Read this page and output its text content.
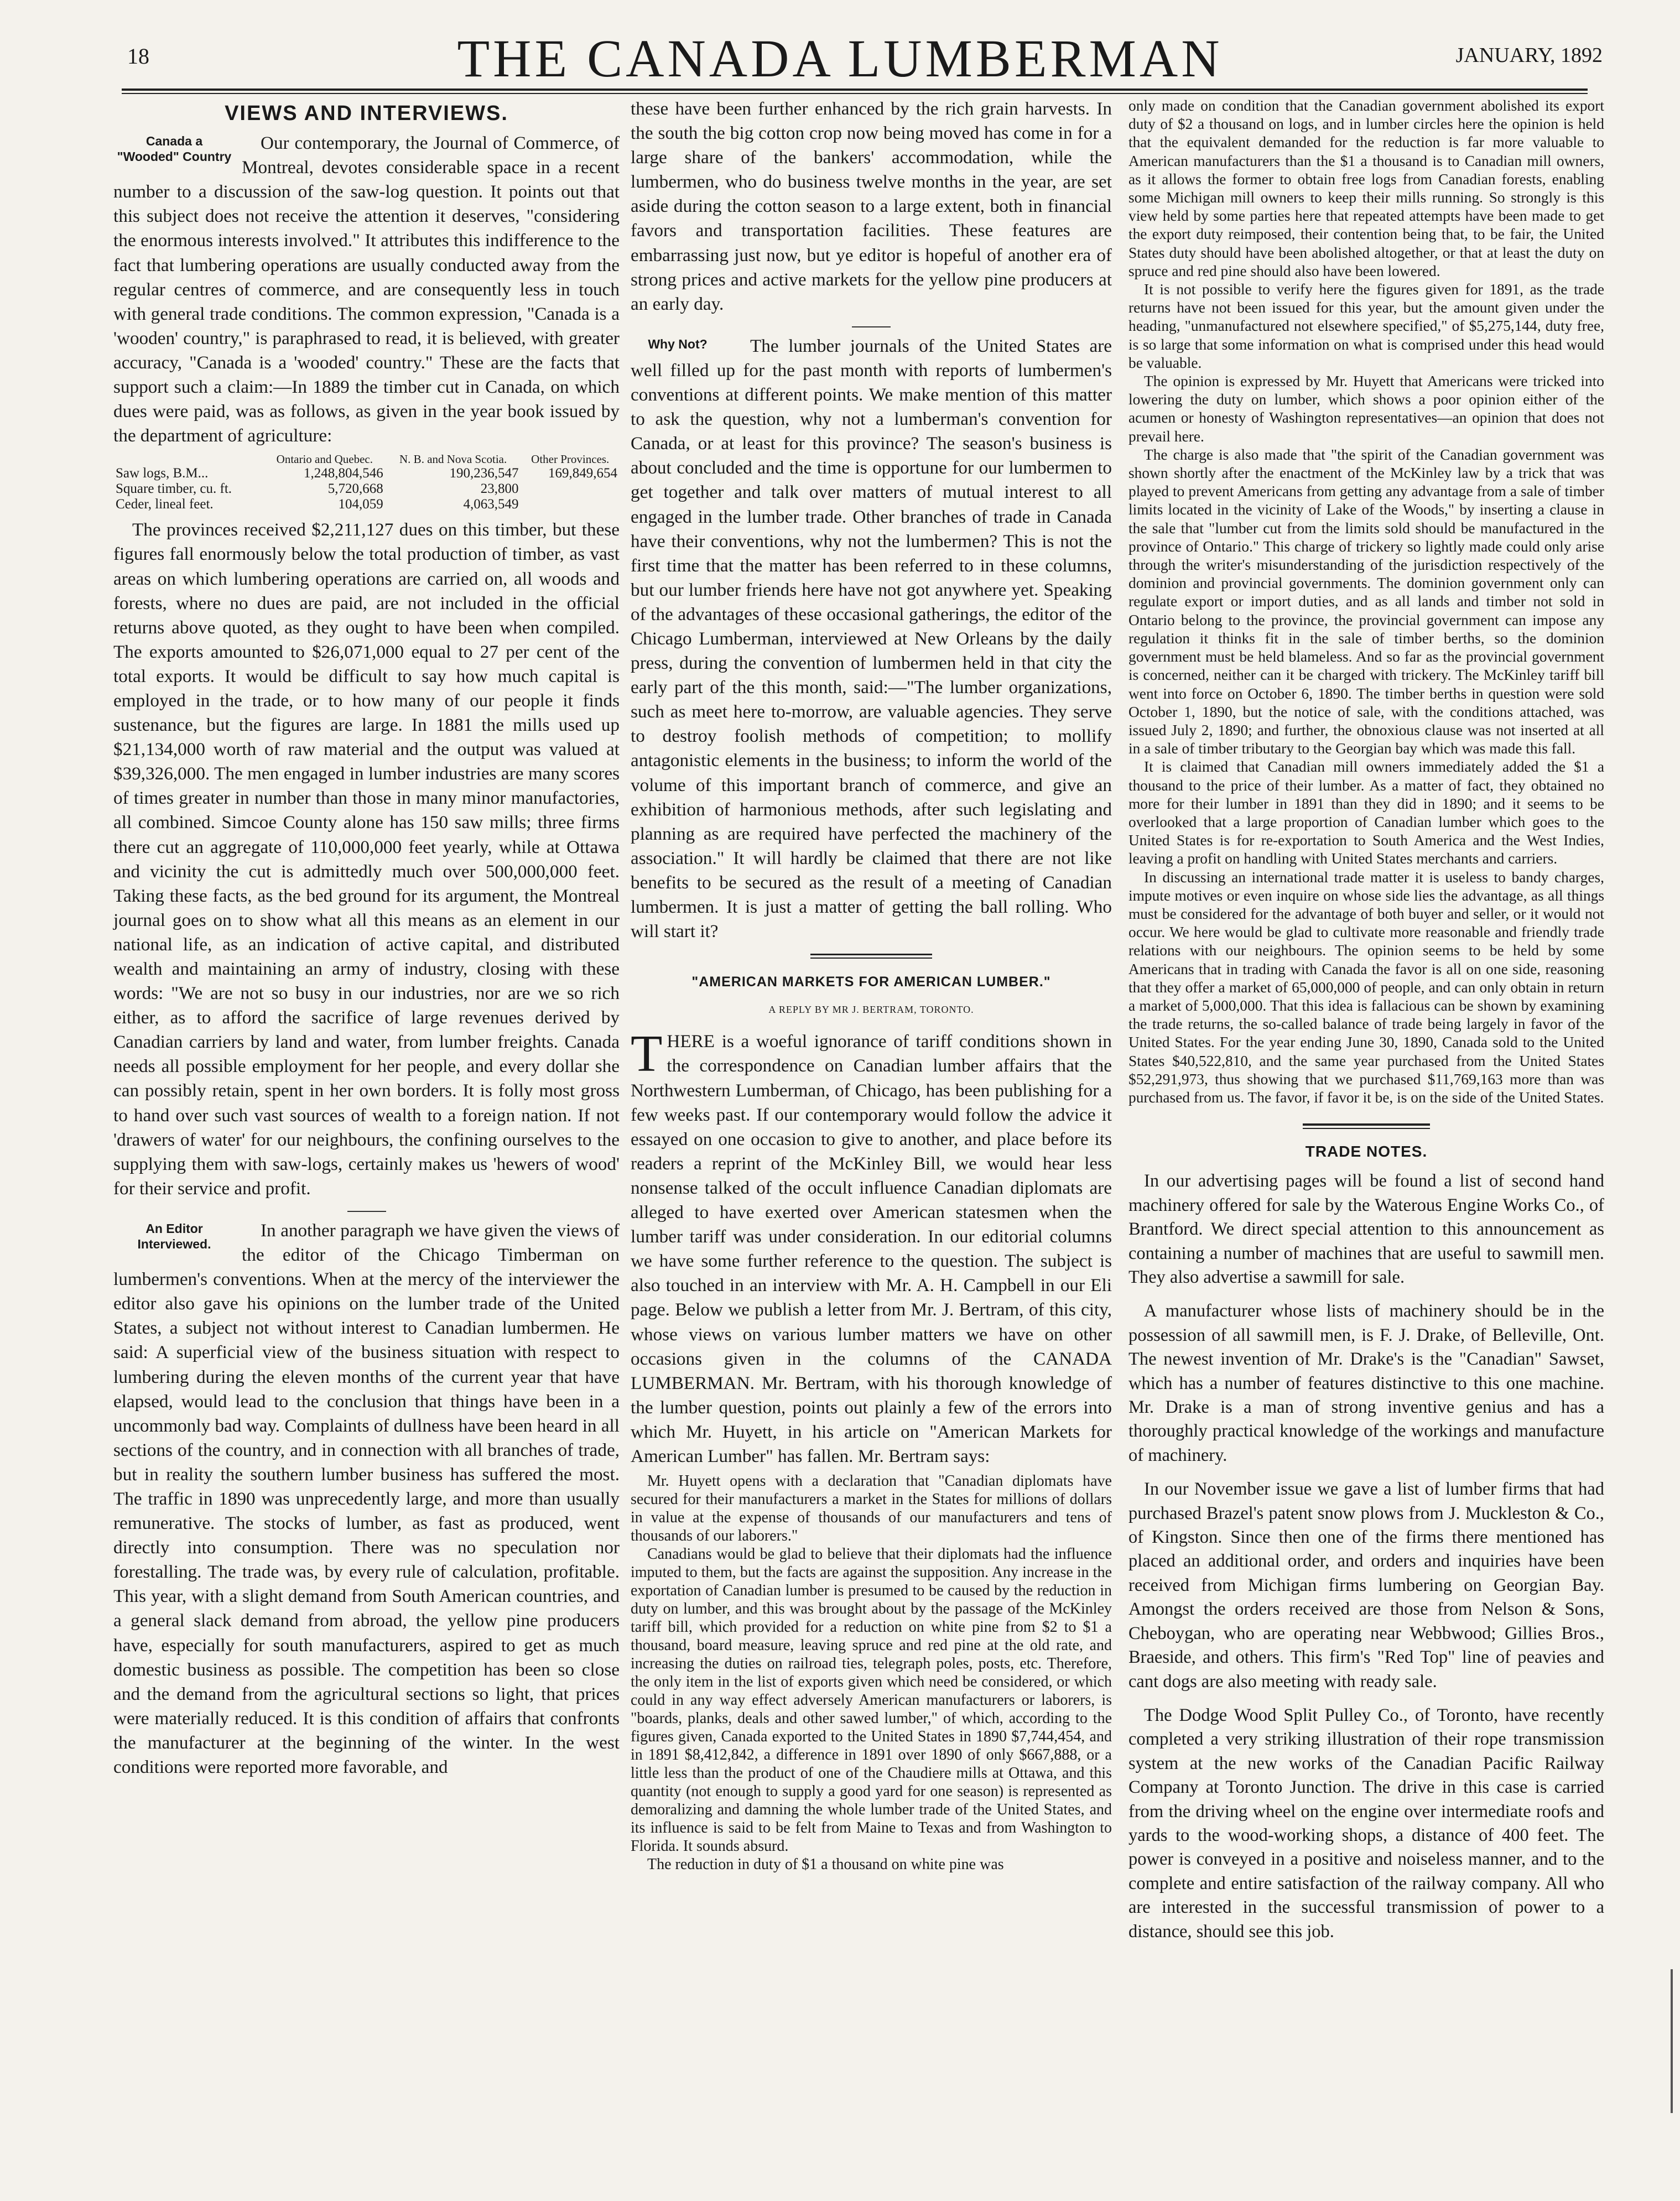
18	THE CANADA LUMBERMAN	JANUARY, 1892
VIEWS AND INTERVIEWS.
Canada a "Wooded" Country

Our contemporary, the Journal of Commerce, of Montreal, devotes considerable space in a recent number to a discussion of the saw-log question. It points out that this subject does not receive the attention it deserves, "considering the enormous interests involved." It attributes this indifference to the fact that lumbering operations are usually conducted away from the regular centres of commerce, and are consequently less in touch with general trade conditions. The common expression, "Canada is a 'wooden' country," is paraphrased to read, it is believed, with greater accuracy, "Canada is a 'wooded' country." These are the facts that support such a claim:—In 1889 the timber cut in Canada, on which dues were paid, was as follows, as given in the year book issued by the department of agriculture:

	Ontario and Quebec.	N. B. and Nova Scotia.	Other Provinces.
Saw logs, B.M...	1,248,804,546	190,236,547	169,849,654
Square timber, cu. ft.	5,720,668	23,800	
Ceder, lineal feet.	104,059	4,063,549	

The provinces received $2,211,127 dues on this timber, but these figures fall enormously below the total production of timber, as vast areas on which lumbering operations are carried on, all woods and forests, where no dues are paid, are not included in the official returns above quoted, as they ought to have been when compiled. The exports amounted to $26,071,000 equal to 27 per cent of the total exports. It would be difficult to say how much capital is employed in the trade, or to how many of our people it finds sustenance, but the figures are large. In 1881 the mills used up $21,134,000 worth of raw material and the output was valued at $39,326,000. The men engaged in lumber industries are many scores of times greater in number than those in many minor manufactories, all combined. Simcoe County alone has 150 saw mills; three firms there cut an aggregate of 110,000,000 feet yearly, while at Ottawa and vicinity the cut is admittedly much over 500,000,000 feet. Taking these facts, as the bed ground for its argument, the Montreal journal goes on to show what all this means as an element in our national life, as an indication of active capital, and distributed wealth and maintaining an army of industry, closing with these words: "We are not so busy in our industries, nor are we so rich either, as to afford the sacrifice of large revenues derived by Canadian carriers by land and water, from lumber freights. Canada needs all possible employment for her people, and every dollar she can possibly retain, spent in her own borders. It is folly most gross to hand over such vast sources of wealth to a foreign nation. If not 'drawers of water' for our neighbours, the confining ourselves to the supplying them with saw-logs, certainly makes us 'hewers of wood' for their service and profit.

An Editor Interviewed.

In another paragraph we have given the views of the editor of the Chicago Timberman on lumbermen's conventions. When at the mercy of the interviewer the editor also gave his opinions on the lumber trade of the United States, a subject not without interest to Canadian lumbermen. He said: A superficial view of the business situation with respect to lumbering during the eleven months of the current year that have elapsed, would lead to the conclusion that things have been in a uncommonly bad way. Complaints of dullness have been heard in all sections of the country, and in connection with all branches of trade, but in reality the southern lumber business has suffered the most. The traffic in 1890 was unprecedently large, and more than usually remunerative. The stocks of lumber, as fast as produced, went directly into consumption. There was no speculation nor forestalling. The trade was, by every rule of calculation, profitable. This year, with a slight demand from South American countries, and a general slack demand from abroad, the yellow pine producers have, especially for south manufacturers, aspired to get as much domestic business as possible. The competition has been so close and the demand from the agricultural sections so light, that prices were materially reduced. It is this condition of affairs that confronts the manufacturer at the beginning of the winter. In the west conditions were reported more favorable, and

these have been further enhanced by the rich grain harvests. In the south the big cotton crop now being moved has come in for a large share of the bankers' accommodation, while the lumbermen, who do business twelve months in the year, are set aside during the cotton season to a large extent, both in financial favors and transportation facilities. These features are embarrassing just now, but ye editor is hopeful of another era of strong prices and active markets for the yellow pine producers at an early day.

Why Not?	The lumber journals of the United States are well filled up for the past month with reports of lumbermen's conventions at different points. We make mention of this matter to ask the question, why not a lumberman's convention for Canada, or at least for this province? The season's business is about concluded and the time is opportune for our lumbermen to get together and talk over matters of mutual interest to all engaged in the lumber trade. Other branches of trade in Canada have their conventions, why not the lumbermen? This is not the first time that the matter has been referred to in these columns, but our lumber friends here have not got anywhere yet. Speaking of the advantages of these occasional gatherings, the editor of the Chicago Lumberman, interviewed at New Orleans by the daily press, during the convention of lumbermen held in that city the early part of the this month, said:—"The lumber organizations, such as meet here to-morrow, are valuable agencies. They serve to destroy foolish methods of competition; to mollify antagonistic elements in the business; to inform the world of the volume of this important branch of commerce, and give an exhibition of harmonious methods, after such legislating and planning as are required have perfected the machinery of the association." It will hardly be claimed that there are not like benefits to be secured as the result of a meeting of Canadian lumbermen. It is just a matter of getting the ball rolling. Who will start it?

"AMERICAN MARKETS FOR AMERICAN LUMBER."
A REPLY BY MR J. BERTRAM, TORONTO.

THERE is a woeful ignorance of tariff conditions shown in the correspondence on Canadian lumber affairs that the Northwestern Lumberman, of Chicago, has been publishing for a few weeks past. If our contemporary would follow the advice it essayed on one occasion to give to another, and place before its readers a reprint of the McKinley Bill, we would hear less nonsense talked of the occult influence Canadian diplomats are alleged to have exerted over American statesmen when the lumber tariff was under consideration. In our editorial columns we have some further reference to the question. The subject is also touched in an interview with Mr. A. H. Campbell in our Eli page. Below we publish a letter from Mr. J. Bertram, of this city, whose views on various lumber matters we have on other occasions given in the columns of the CANADA LUMBERMAN. Mr. Bertram, with his thorough knowledge of the lumber question, points out plainly a few of the errors into which Mr. Huyett, in his article on "American Markets for American Lumber" has fallen. Mr. Bertram says:

Mr. Huyett opens with a declaration that "Canadian diplomats have secured for their manufacturers a market in the States for millions of dollars in value at the expense of thousands of our manufacturers and tens of thousands of our laborers."

Canadians would be glad to believe that their diplomats had the influence imputed to them, but the facts are against the supposition. Any increase in the exportation of Canadian lumber is presumed to be caused by the reduction in duty on lumber, and this was brought about by the passage of the McKinley tariff bill, which provided for a reduction on white pine from $2 to $1 a thousand, board measure, leaving spruce and red pine at the old rate, and increasing the duties on railroad ties, telegraph poles, posts, etc. Therefore, the only item in the list of exports given which need be considered, or which could in any way effect adversely American manufacturers or laborers, is "boards, planks, deals and other sawed lumber," of which, according to the figures given, Canada exported to the United States in 1890 $7,744,454, and in 1891 $8,412,842, a difference in 1891 over 1890 of only $667,888, or a little less than the product of one of the Chaudiere mills at Ottawa, and this quantity (not enough to supply a good yard for one season) is represented as demoralizing and damning the whole lumber trade of the United States, and its influence is said to be felt from Maine to Texas and from Washington to Florida. It sounds absurd.

The reduction in duty of $1 a thousand on white pine was

only made on condition that the Canadian government abolished its export duty of $2 a thousand on logs, and in lumber circles here the opinion is held that the equivalent demanded for the reduction is far more valuable to American manufacturers than the $1 a thousand is to Canadian mill owners, as it allows the former to obtain free logs from Canadian forests, enabling some Michigan mill owners to keep their mills running. So strongly is this view held by some parties here that repeated attempts have been made to get the export duty reimposed, their contention being that, to be fair, the United States duty should have been abolished altogether, or that at least the duty on spruce and red pine should also have been lowered.

It is not possible to verify here the figures given for 1891, as the trade returns have not been issued for this year, but the amount given under the heading, "unmanufactured not elsewhere specified," of $5,275,144, duty free, is so large that some information on what is comprised under this head would be valuable.

The opinion is expressed by Mr. Huyett that Americans were tricked into lowering the duty on lumber, which shows a poor opinion either of the acumen or honesty of Washington representatives—an opinion that does not prevail here.

The charge is also made that "the spirit of the Canadian government was shown shortly after the enactment of the McKinley law by a trick that was played to prevent Americans from getting any advantage from a sale of timber limits located in the vicinity of Lake of the Woods," by inserting a clause in the sale that "lumber cut from the limits sold should be manufactured in the province of Ontario." This charge of trickery so lightly made could only arise through the writer's misunderstanding of the jurisdiction respectively of the dominion and provincial governments. The dominion government only can regulate export or import duties, and as all lands and timber not sold in Ontario belong to the province, the provincial government can impose any regulation it thinks fit in the sale of timber berths, so the dominion government must be held blameless. And so far as the provincial government is concerned, neither can it be charged with trickery. The McKinley tariff bill went into force on October 6, 1890. The timber berths in question were sold October 1, 1890, but the notice of sale, with the conditions attached, was issued July 2, 1890; and further, the obnoxious clause was not inserted at all in a sale of timber tributary to the Georgian bay which was made this fall.

It is claimed that Canadian mill owners immediately added the $1 a thousand to the price of their lumber. As a matter of fact, they obtained no more for their lumber in 1891 than they did in 1890; and it seems to be overlooked that a large proportion of Canadian lumber which goes to the United States is for re-exportation to South America and the West Indies, leaving a profit on handling with United States merchants and carriers.

In discussing an international trade matter it is useless to bandy charges, impute motives or even inquire on whose side lies the advantage, as all things must be considered for the advantage of both buyer and seller, or it would not occur. We here would be glad to cultivate more reasonable and friendly trade relations with our neighbours. The opinion seems to be held by some Americans that in trading with Canada the favor is all on one side, reasoning that they offer a market of 65,000,000 of people, and can only obtain in return a market of 5,000,000. That this idea is fallacious can be shown by examining the trade returns, the so-called balance of trade being largely in favor of the United States. For the year ending June 30, 1890, Canada sold to the United States $40,522,810, and the same year purchased from the United States $52,291,973, thus showing that we purchased $11,769,163 more than was purchased from us. The favor, if favor it be, is on the side of the United States.

TRADE NOTES.

In our advertising pages will be found a list of second hand machinery offered for sale by the Waterous Engine Works Co., of Brantford. We direct special attention to this announcement as containing a number of machines that are useful to sawmill men. They also advertise a sawmill for sale.

A manufacturer whose lists of machinery should be in the possession of all sawmill men, is F. J. Drake, of Belleville, Ont. The newest invention of Mr. Drake's is the "Canadian" Sawset, which has a number of features distinctive to this one machine. Mr. Drake is a man of strong inventive genius and has a thoroughly practical knowledge of the workings and manufacture of machinery.

In our November issue we gave a list of lumber firms that had purchased Brazel's patent snow plows from J. Muckleston & Co., of Kingston. Since then one of the firms there mentioned has placed an additional order, and orders and inquiries have been received from Michigan firms lumbering on Georgian Bay. Amongst the orders received are those from Nelson & Sons, Cheboygan, who are operating near Webbwood; Gillies Bros., Braeside, and others. This firm's "Red Top" line of peavies and cant dogs are also meeting with ready sale.

The Dodge Wood Split Pulley Co., of Toronto, have recently completed a very striking illustration of their rope transmission system at the new works of the Canadian Pacific Railway Company at Toronto Junction. The drive in this case is carried from the driving wheel on the engine over intermediate roofs and yards to the wood-working shops, a distance of 400 feet. The power is conveyed in a positive and noiseless manner, and to the complete and entire satisfaction of the railway company. All who are interested in the successful transmission of power to a distance, should see this job.
